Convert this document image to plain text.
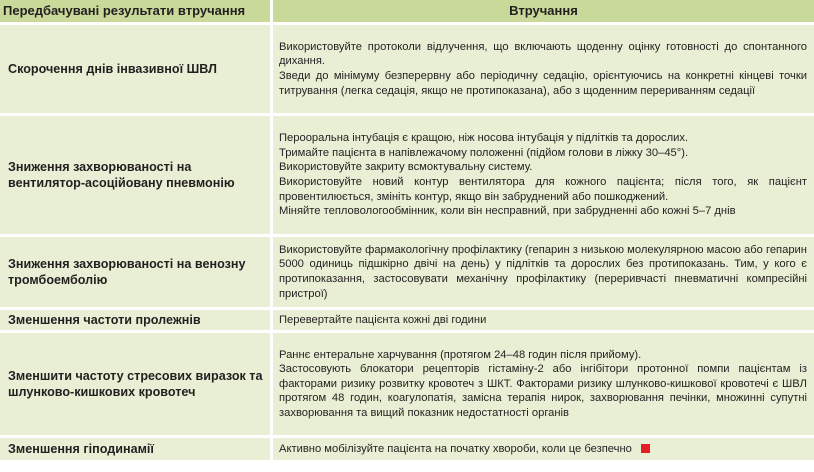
Передбачувані результати втручання	Втручання
Скорочення днів інвазивної ШВЛ	Використовуйте протоколи відлучення, що включають щоденну оцінку готовності до спонтанного дихання.
Зведи до мінімуму безперервну або періодичну седацію, орієнтуючись на конкретні кінцеві точки титрування (легка седація, якщо не протипоказана), або з щоденним перериванням седації

Зниження захворюваності на вентилятор-асоційовану пневмонію	Перооральна інтубація є кращою, ніж носова інтубація у підлітків та дорослих.
Тримайте пацієнта в напівлежачому положенні (підйом голови в ліжку 30–45°).
Використовуйте закриту всмоктувальну систему.
Використовуйте новий контур вентилятора для кожного пацієнта; після того, як пацієнт провентилюється, змініть контур, якщо він забруднений або пошкоджений.
Міняйте тепловологообмінник, коли він несправний, при забрудненні або кожні 5–7 днів

Зниження захворюваності на венозну тромбоемболію	Використовуйте фармакологічну профілактику (гепарин з низькою молекулярною масою або гепарин 5000 одиниць підшкірно двічі на день) у підлітків та дорослих без протипоказань. Тим, у кого є протипоказання, застосовувати механічну профілактику (переривчасті пневматичні компресійні пристрої)

Зменшення частоти пролежнів	Перевертайте пацієнта кожні дві години

Зменшити частоту стресових виразок та шлунково-кишкових кровотеч	Раннє ентеральне харчування (протягом 24–48 годин після прийому).
Застосовують блокатори рецепторів гістаміну-2 або інгібітори протонної помпи пацієнтам із факторами ризику розвитку кровотеч з ШКТ. Факторами ризику шлунково-кишкової кровотечі є ШВЛ протягом 48 годин, коагулопатія, замісна терапія нирок, захворювання печінки, множинні супутні захворювання та вищий показник недостатності органів

Зменшення гіподинамії	Активно мобілізуйте пацієнта на початку хвороби, коли це безпечно
